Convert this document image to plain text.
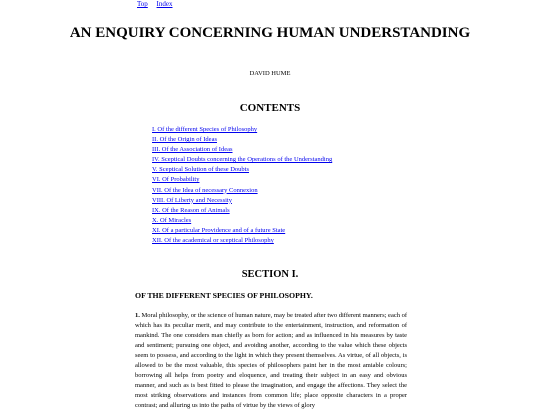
Top Index
AN ENQUIRY CONCERNING HUMAN UNDERSTANDING
DAVID HUME
CONTENTS
I. Of the different Species of Philosophy
II. Of the Origin of Ideas
III. Of the Association of Ideas
IV. Sceptical Doubts concerning the Operations of the Understanding
V. Sceptical Solution of these Doubts
VI. Of Probability
VII. Of the Idea of necessary Connexion
VIII. Of Liberty and Necessity
IX. Of the Reason of Animals
X. Of Miracles
XI. Of a particular Providence and of a future State
XII. Of the academical or sceptical Philosophy
SECTION I.
OF THE DIFFERENT SPECIES OF PHILOSOPHY.

1. Moral philosophy, or the science of human nature, may be treated after two different manners; each of which has its peculiar merit, and may contribute to the entertainment, instruction, and reformation of mankind. The one considers man chiefly as born for action; and as influenced in his measures by taste and sentiment; pursuing one object, and avoiding another, according to the value which these objects seem to possess, and according to the light in which they present themselves. As virtue, of all objects, is allowed to be the most valuable, this species of philosophers paint her in the most amiable colours; borrowing all helps from poetry and eloquence, and treating their subject in an easy and obvious manner, and such as is best fitted to please the imagination, and engage the affections. They select the most striking observations and instances from common life; place opposite characters in a proper contrast; and alluring us into the paths of virtue by the views of glory
